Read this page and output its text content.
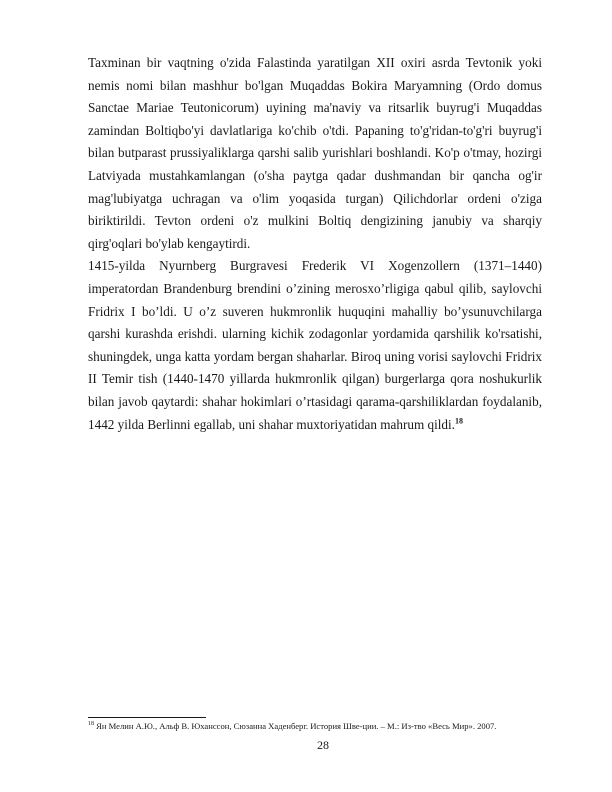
Taxminan bir vaqtning o'zida Falastinda yaratilgan XII oxiri asrda Tevtonik yoki nemis nomi bilan mashhur bo'lgan Muqaddas Bokira Maryamning (Ordo domus Sanctae Mariae Teutonicorum) uyining ma'naviy va ritsarlik buyrug'i Muqaddas zamindan Boltiqbo'yi davlatlariga ko'chib o'tdi. Papaning to'g'ridan-to'g'ri buyrug'i bilan butparast prussiyaliklarga qarshi salib yurishlari boshlandi. Ko'p o'tmay, hozirgi Latviyada mustahkamlangan (o'sha paytga qadar dushmandan bir qancha og'ir mag'lubiyatga uchragan va o'lim yoqasida turgan) Qilichdorlar ordeni o'ziga biriktirildi. Tevton ordeni o'z mulkini Boltiq dengizining janubiy va sharqiy qirg'oqlari bo'ylab kengaytirdi.

1415-yilda Nyurnberg Burgravesi Frederik VI Xogenzollern (1371–1440) imperatordan Brandenburg brendini o’zining merosxo’rligiga qabul qilib, saylovchi Fridrix I bo’ldi. U o’z suveren hukmronlik huquqini mahalliy bo’ysunuvchilarga qarshi kurashda erishdi. ularning kichik zodagonlar yordamida qarshilik ko'rsatishi, shuningdek, unga katta yordam bergan shaharlar. Biroq uning vorisi saylovchi Fridrix II Temir tish (1440-1470 yillarda hukmronlik qilgan) burgerlarga qora noshukurlik bilan javob qaytardi: shahar hokimlari o’rtasidagi qarama-qarshiliklardan foydalanib, 1442 yilda Berlinni egallab, uni shahar muxtoriyatidan mahrum qildi.$^{18}$

$^{18}$ Ян Мелин А.Ю., Альф В. Юханссон, Сюзанна Хаденберг. История Шве-ции. – М.: Из-тво «Весь Мир». 2007.
28
